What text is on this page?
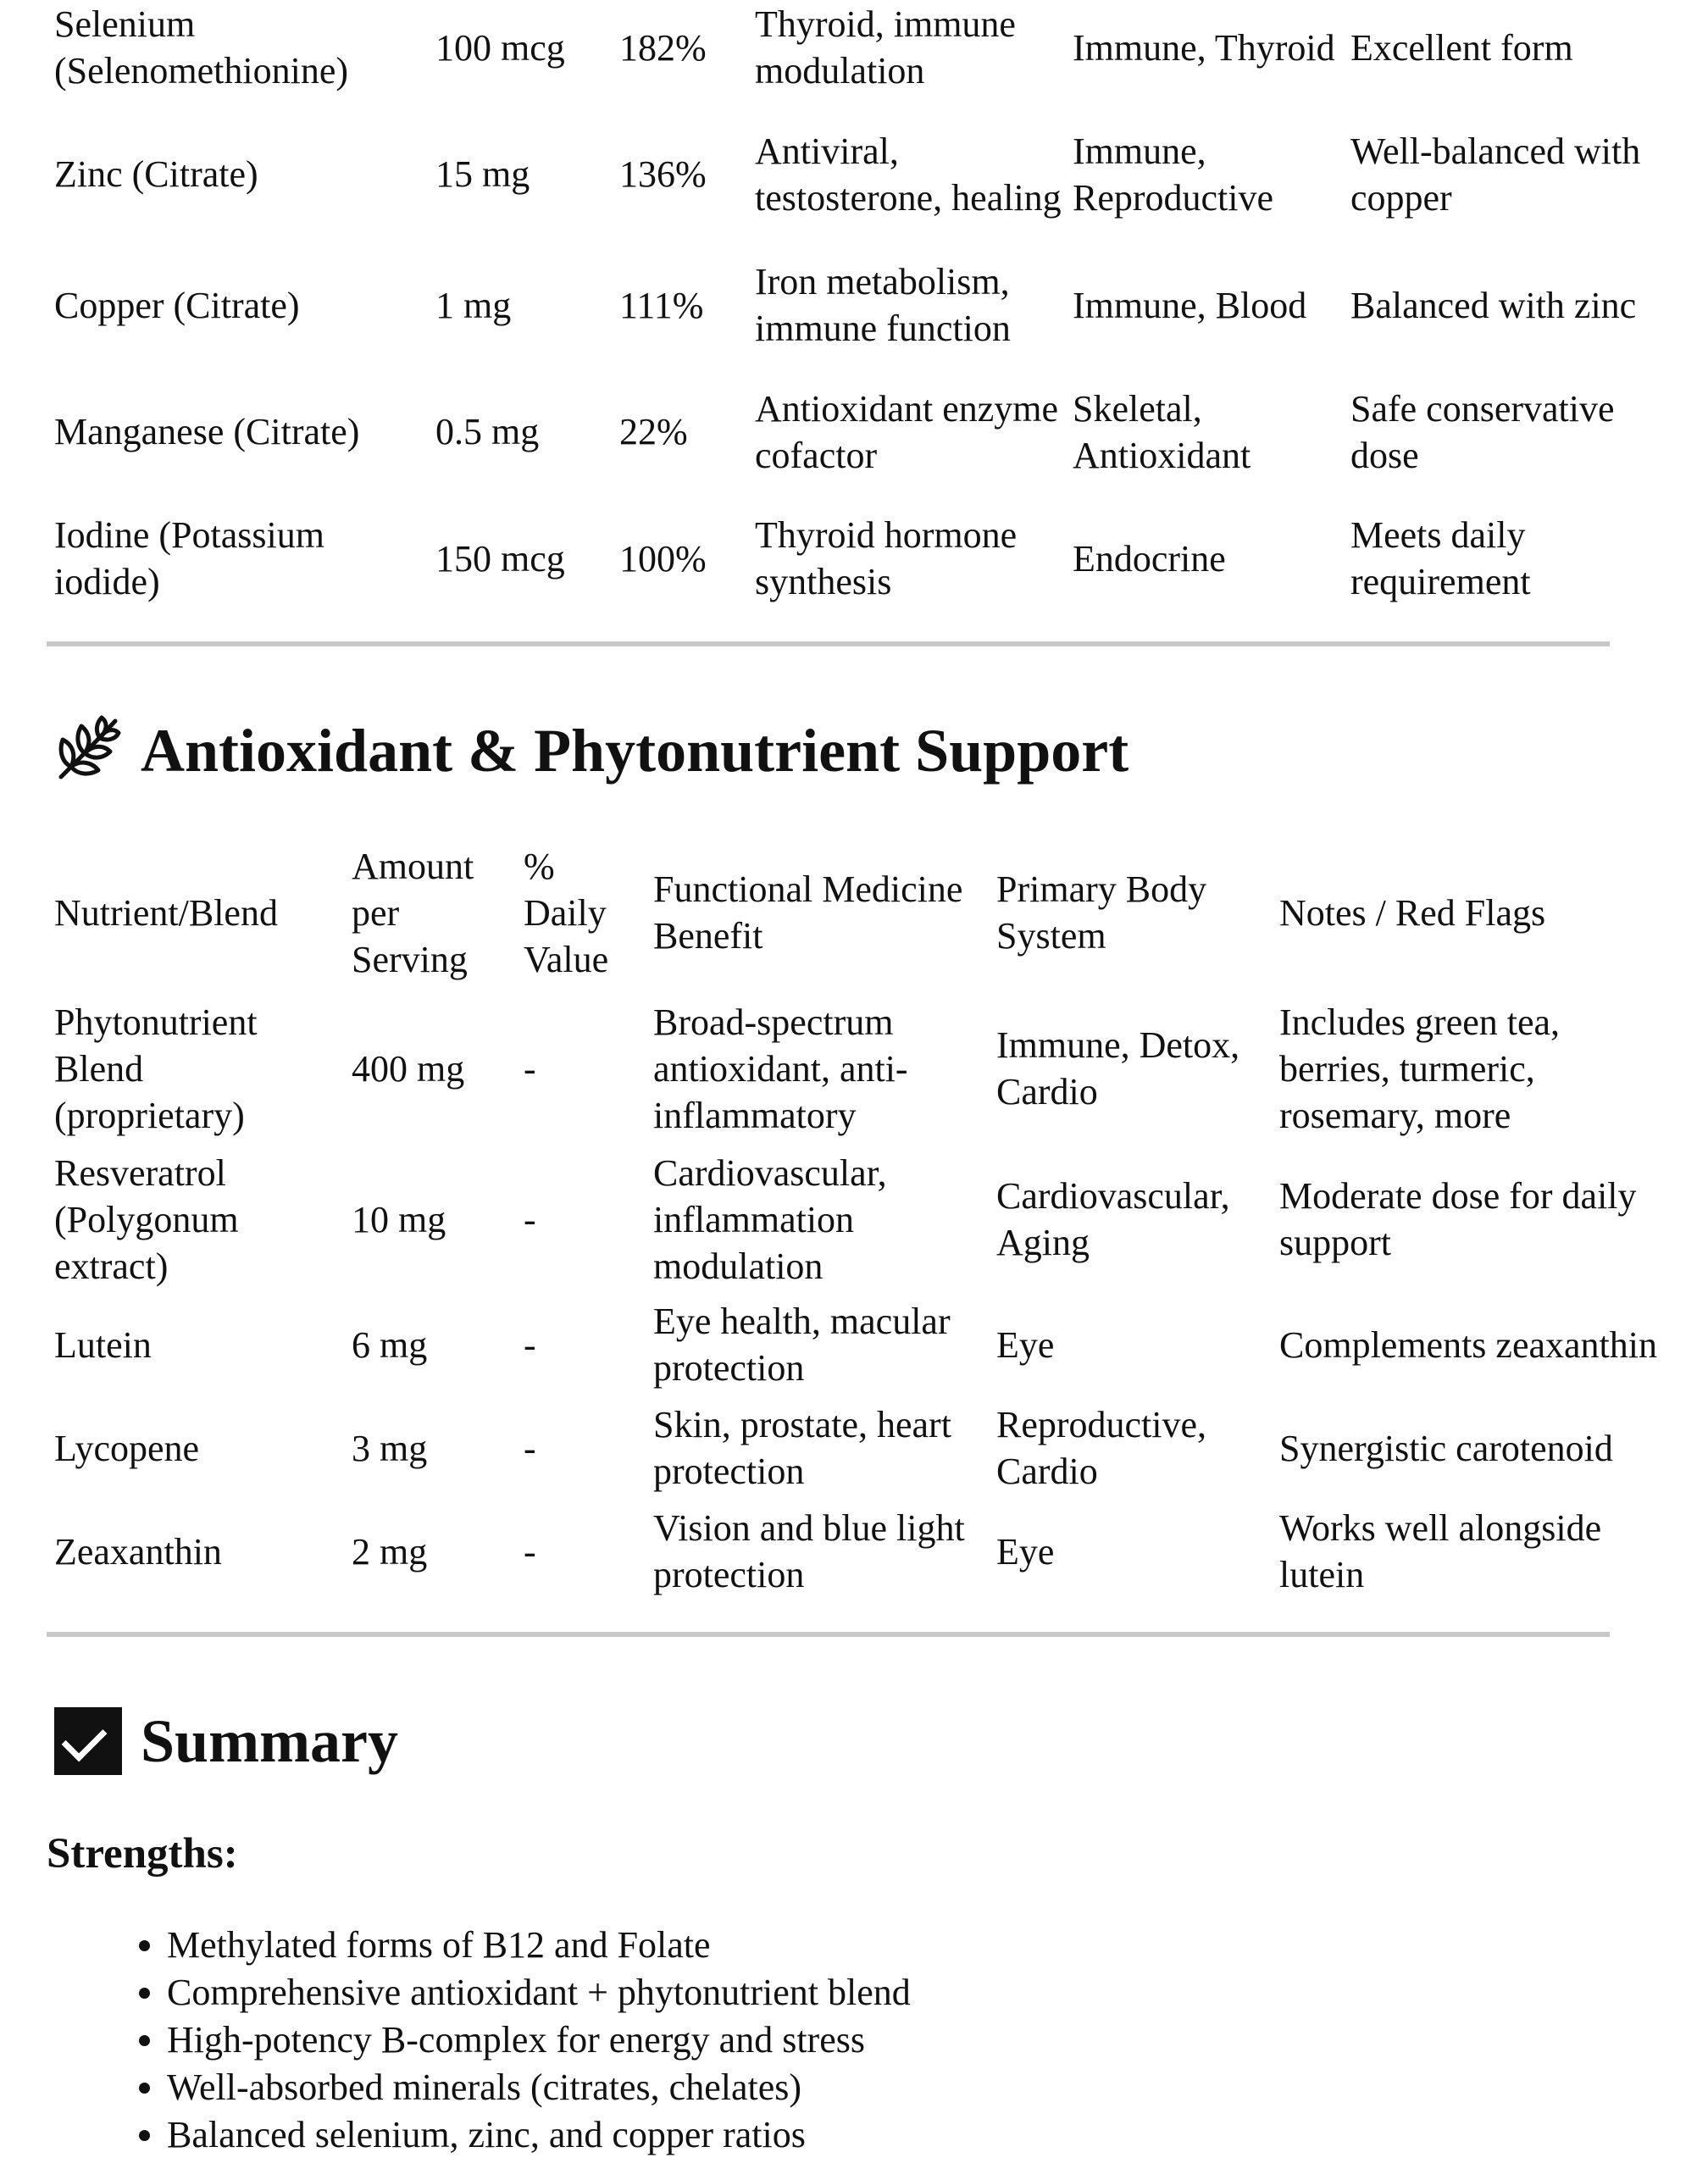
Selenium (Selenomethionine)	100 mcg	182%	Thyroid, immune modulation	Immune, Thyroid	Excellent form
Zinc (Citrate)	15 mg	136%	Antiviral, testosterone, healing	Immune, Reproductive	Well-balanced with copper
Copper (Citrate)	1 mg	111%	Iron metabolism, immune function	Immune, Blood	Balanced with zinc
Manganese (Citrate)	0.5 mg	22%	Antioxidant enzyme cofactor	Skeletal, Antioxidant	Safe conservative dose
Iodine (Potassium iodide)	150 mcg	100%	Thyroid hormone synthesis	Endocrine	Meets daily requirement
Antioxidant & Phytonutrient Support
Nutrient/Blend	Amount per Serving	% Daily Value	Functional Medicine Benefit	Primary Body System	Notes / Red Flags
Phytonutrient Blend (proprietary)	400 mg	-	Broad-spectrum antioxidant, anti-inflammatory	Immune, Detox, Cardio	Includes green tea, berries, turmeric, rosemary, more
Resveratrol (Polygonum extract)	10 mg	-	Cardiovascular, inflammation modulation	Cardiovascular, Aging	Moderate dose for daily support
Lutein	6 mg	-	Eye health, macular protection	Eye	Complements zeaxanthin
Lycopene	3 mg	-	Skin, prostate, heart protection	Reproductive, Cardio	Synergistic carotenoid
Zeaxanthin	2 mg	-	Vision and blue light protection	Eye	Works well alongside lutein
Summary
Strengths:
• Methylated forms of B12 and Folate
• Comprehensive antioxidant + phytonutrient blend
• High-potency B-complex for energy and stress
• Well-absorbed minerals (citrates, chelates)
• Balanced selenium, zinc, and copper ratios
